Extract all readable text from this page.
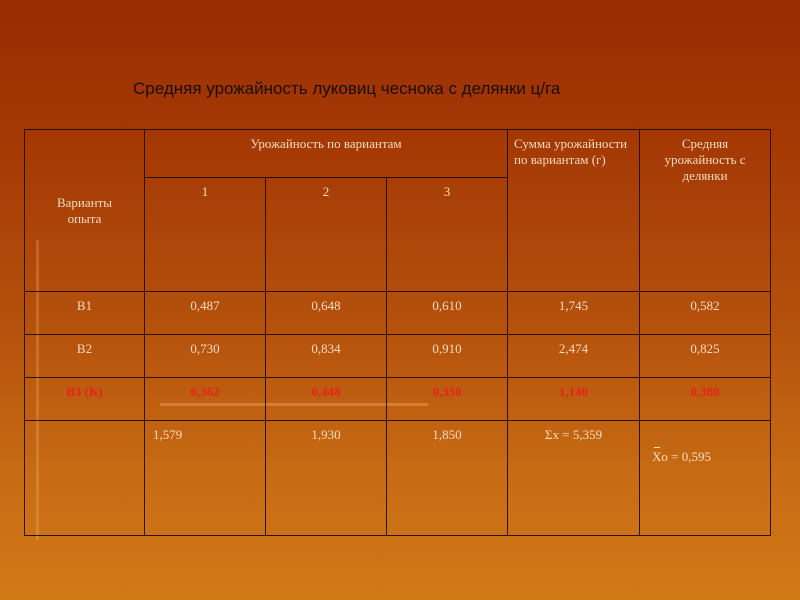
Средняя урожайность луковиц чеснока с делянки ц/га
Варианты опыта	Урожайность по вариантам			Сумма урожайности по вариантам (г)	Средняя урожайность с делянки
	1	2	3		
В1	0,487	0,648	0,610	1,745	0,582
В2	0,730	0,834	0,910	2,474	0,825
В3 (К)	0,362	0,448	0,330	1,140	0,380
	1,579	1,930	1,850	Σx = 5,359	Xo = 0,595
